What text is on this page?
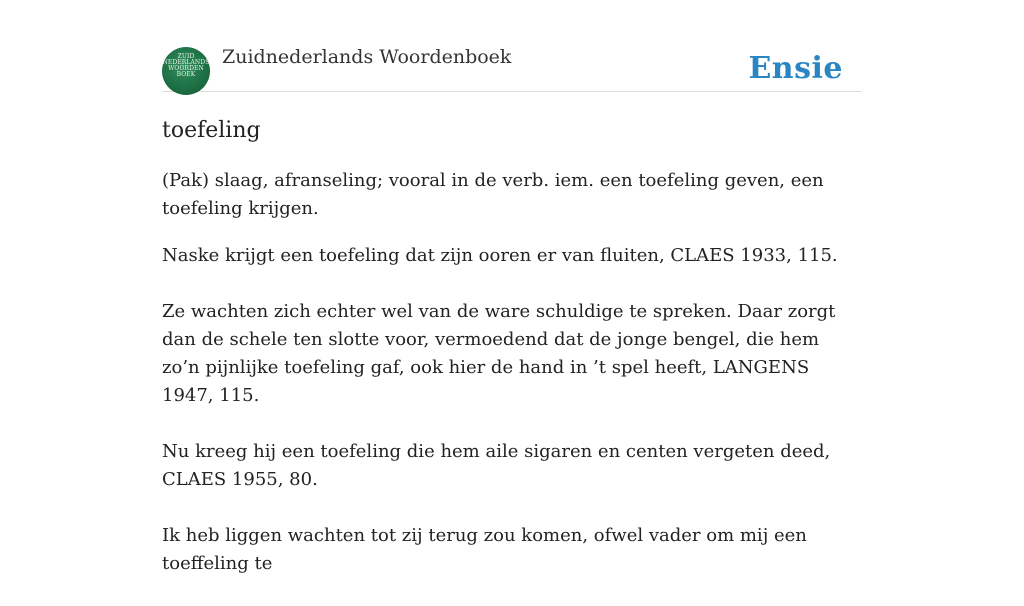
ZUID NEDERLANDS WOORDEN BOEK
Zuidnederlands Woordenboek	Ensie
toefeling
(Pak) slaag, afranseling; vooral in de verb. iem. een toefeling geven, een toefeling krijgen.

Naske krijgt een toefeling dat zijn ooren er van fluiten, CLAES 1933, 115.

Ze wachten zich echter wel van de ware schuldige te spreken. Daar zorgt dan de schele ten slotte voor, vermoedend dat de jonge bengel, die hem zo’n pijnlijke toefeling gaf, ook hier de hand in ’t spel heeft, LANGENS 1947, 115.

Nu kreeg hij een toefeling die hem aile sigaren en centen vergeten deed, CLAES 1955, 80.

Ik heb liggen wachten tot zij terug zou komen, ofwel vader om mij een toeffeling te
